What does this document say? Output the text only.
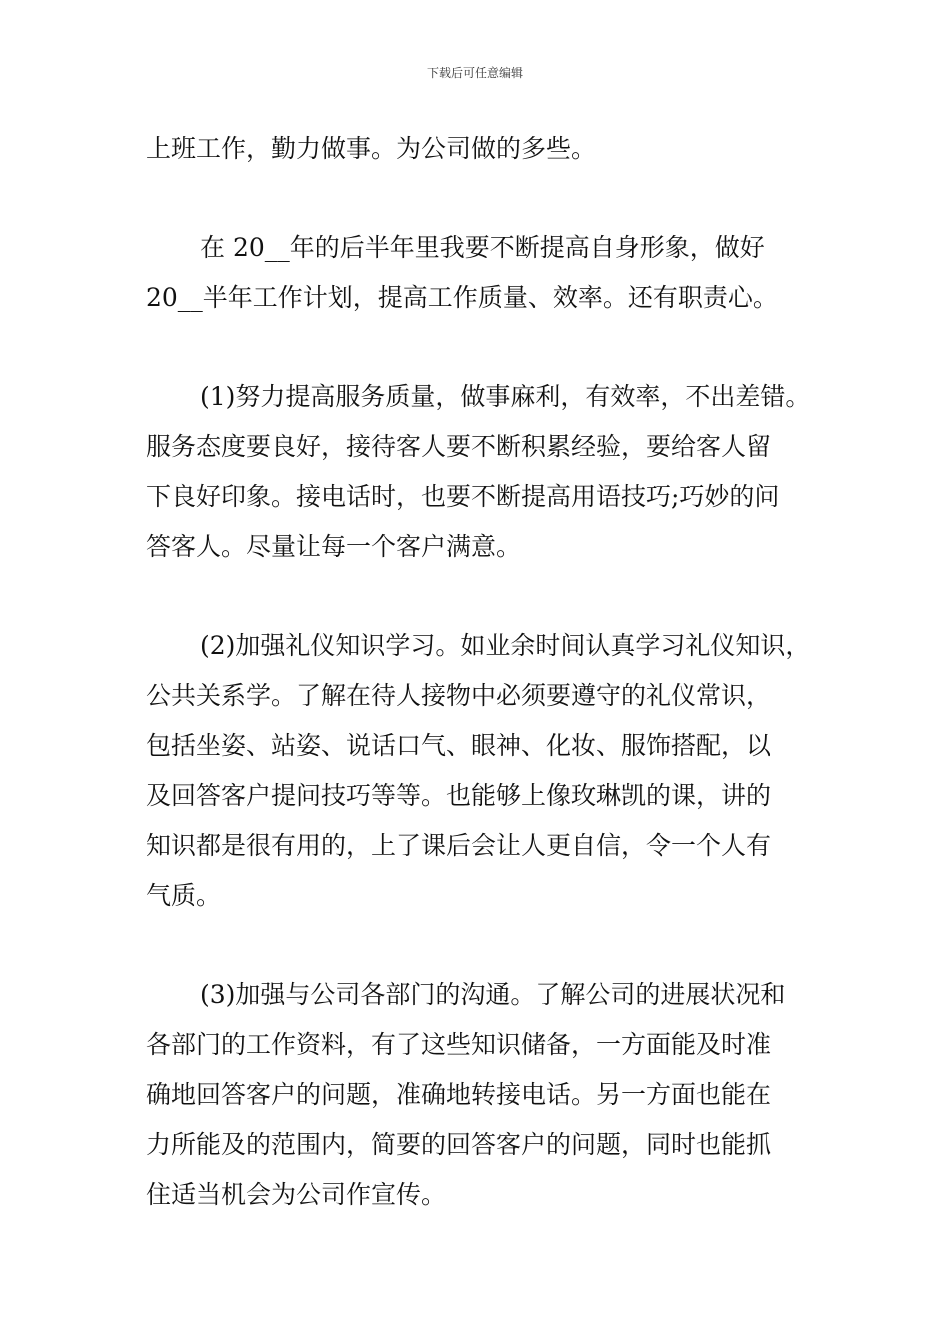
下载后可任意编辑
上班工作，勤力做事。为公司做的多些。
在 20__年的后半年里我要不断提高自身形象，做好
20__半年工作计划，提高工作质量、效率。还有职责心。
(1)努力提高服务质量，做事麻利，有效率，不出差错。
服务态度要良好，接待客人要不断积累经验，要给客人留
下良好印象。接电话时，也要不断提高用语技巧;巧妙的问
答客人。尽量让每一个客户满意。
(2)加强礼仪知识学习。如业余时间认真学习礼仪知识，
公共关系学。了解在待人接物中必须要遵守的礼仪常识，
包括坐姿、站姿、说话口气、眼神、化妆、服饰搭配，以
及回答客户提问技巧等等。也能够上像玫琳凯的课，讲的
知识都是很有用的，上了课后会让人更自信，令一个人有
气质。
(3)加强与公司各部门的沟通。了解公司的进展状况和
各部门的工作资料，有了这些知识储备，一方面能及时准
确地回答客户的问题，准确地转接电话。另一方面也能在
力所能及的范围内，简要的回答客户的问题，同时也能抓
住适当机会为公司作宣传。
